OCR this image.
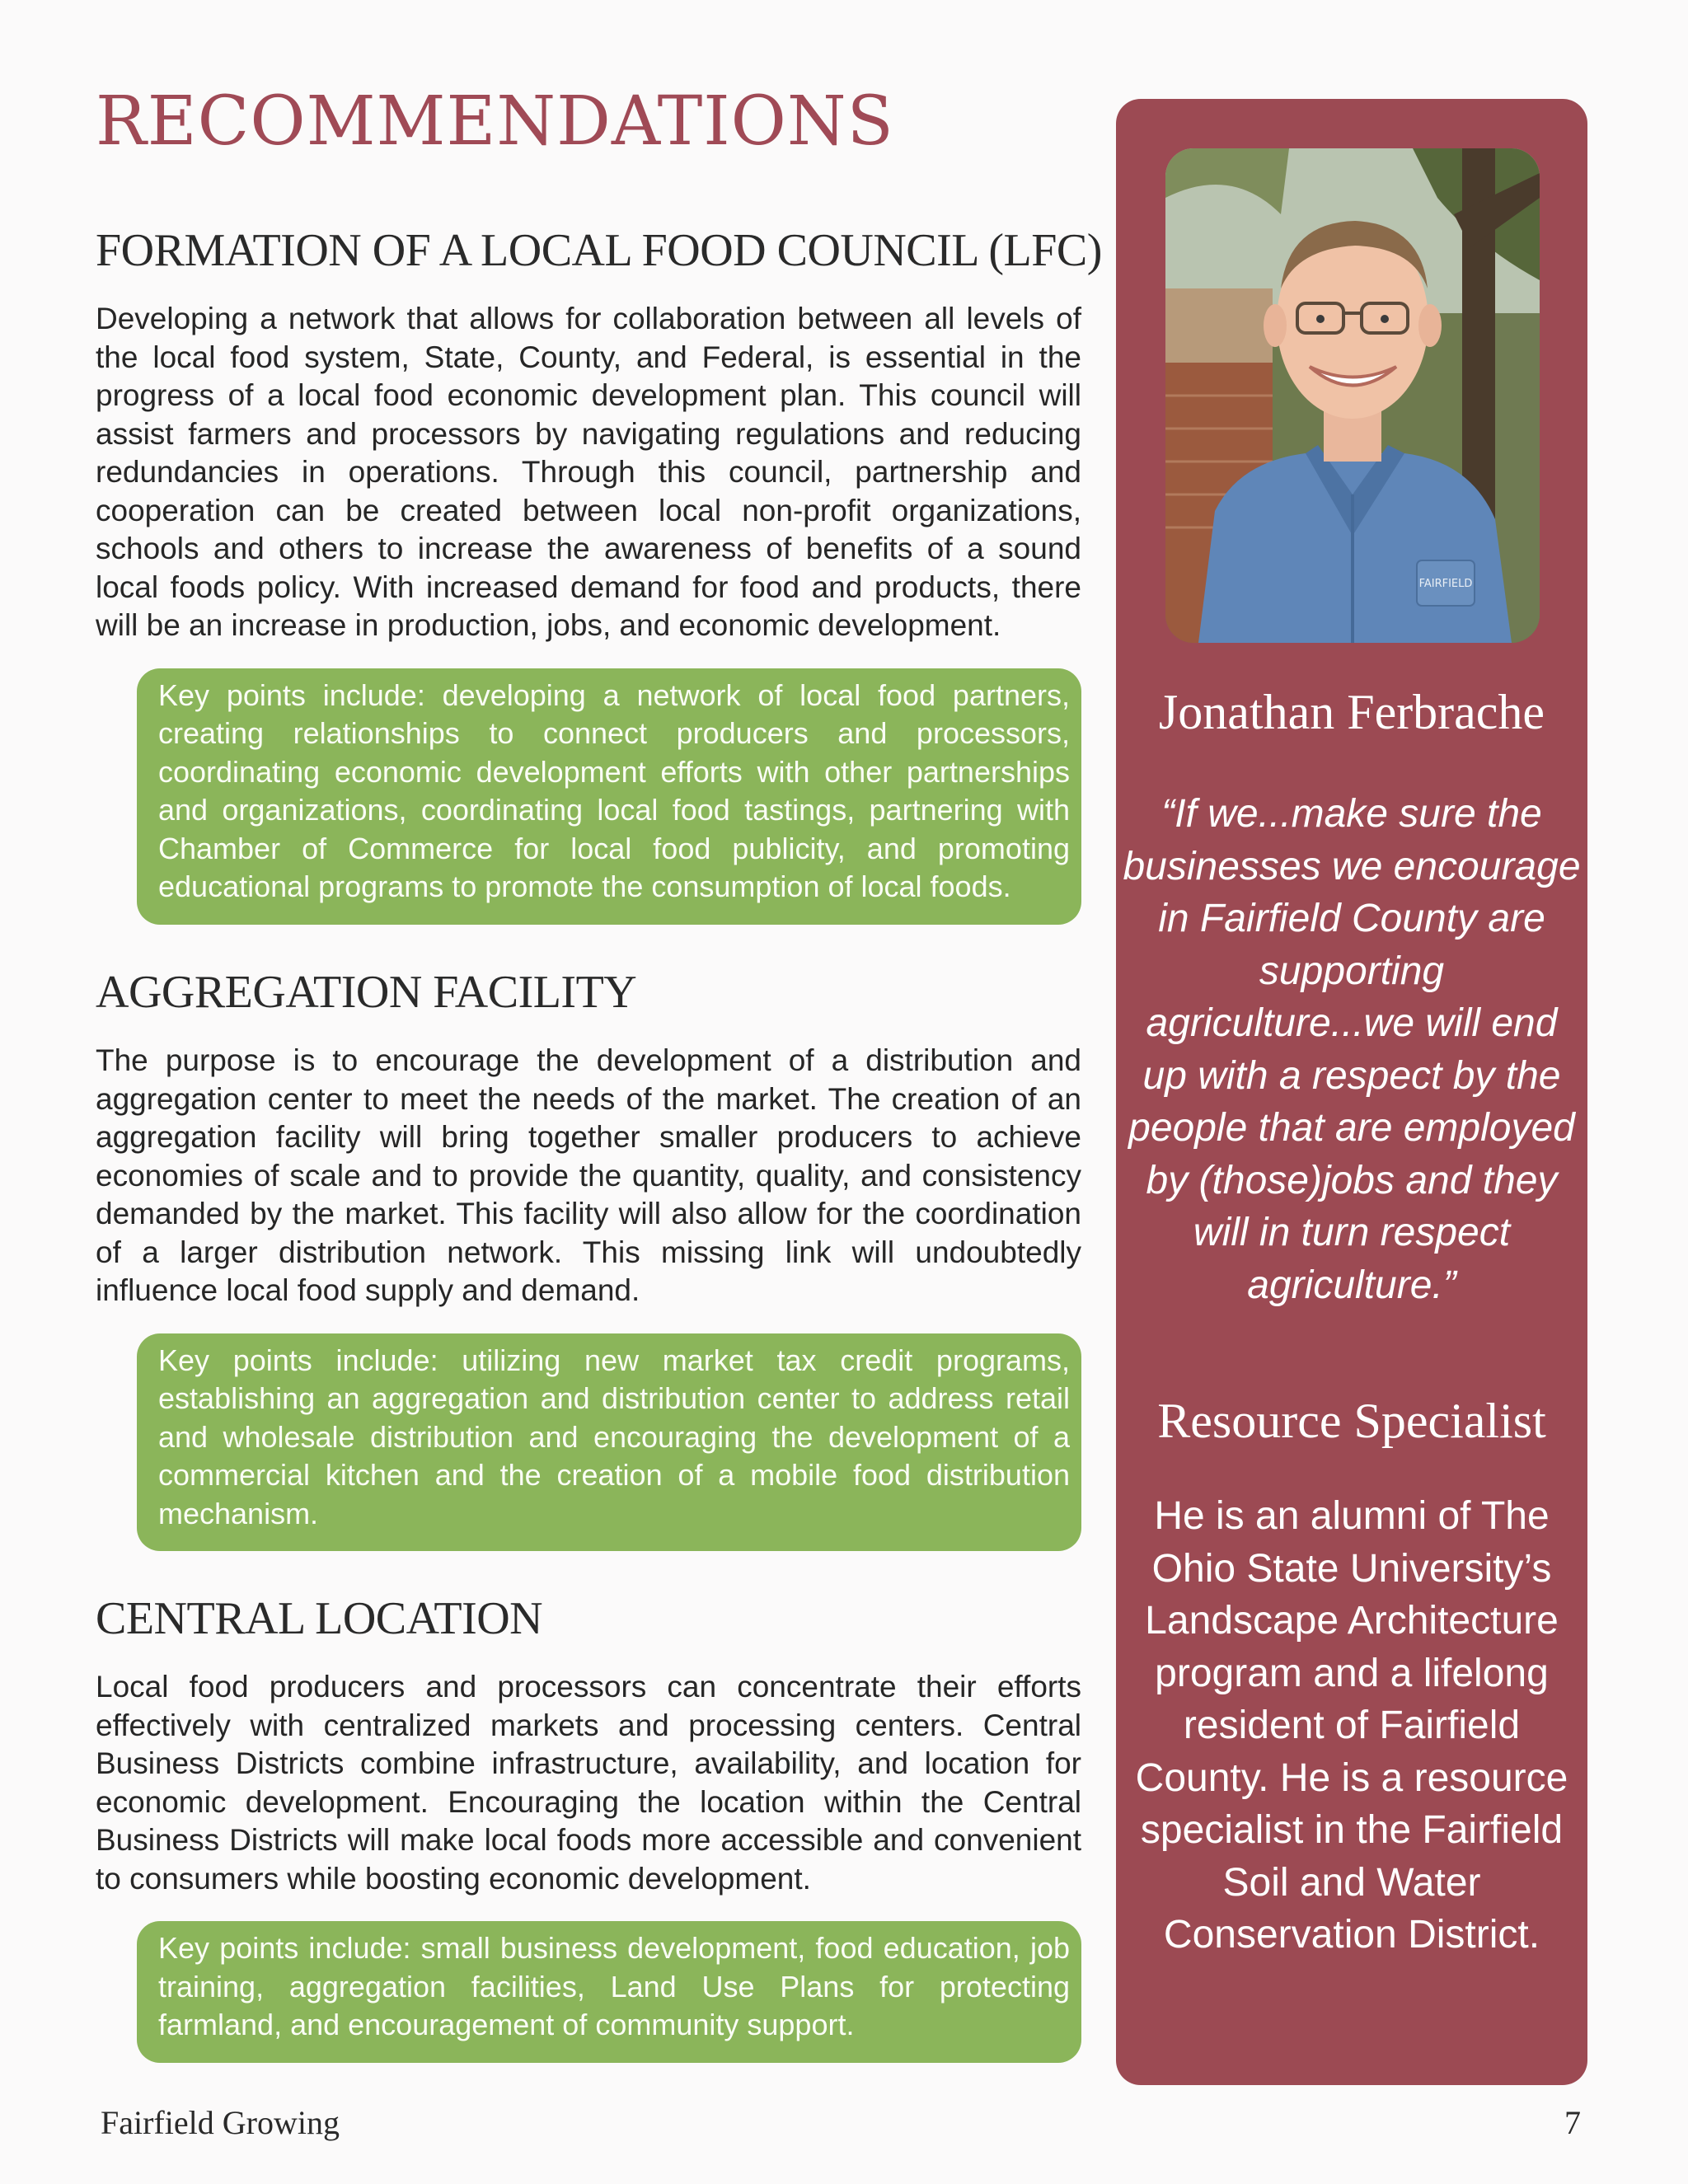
RECOMMENDATIONS
FORMATION OF A LOCAL FOOD COUNCIL (LFC)

Developing a network that allows for collaboration between all levels of the local food system, State, County, and Federal, is essential in the progress of a local food economic development plan. This council will assist farmers and processors by navigating regulations and reducing redundancies in operations. Through this council, partnership and cooperation can be created between local non-profit organizations, schools and others to increase the awareness of benefits of a sound local foods policy. With increased demand for food and products, there will be an increase in production, jobs, and economic development.

Key points include: developing a network of local food partners, creating relationships to connect producers and processors, coordinating economic development efforts with other partnerships and organizations, coordinating local food tastings, partnering with Chamber of Commerce for local food publicity, and promoting educational programs to promote the consumption of local foods.
AGGREGATION FACILITY

The purpose is to encourage the development of a distribution and aggregation center to meet the needs of the market. The creation of an aggregation facility will bring together smaller producers to achieve economies of scale and to provide the quantity, quality, and consistency demanded by the market. This facility will also allow for the coordination of a larger distribution network. This missing link will undoubtedly influence local food supply and demand.

Key points include: utilizing new market tax credit programs, establishing an aggregation and distribution center to address retail and wholesale distribution and encouraging the development of a commercial kitchen and the creation of a mobile food distribution mechanism.
CENTRAL LOCATION

Local food producers and processors can concentrate their efforts effectively with centralized markets and processing centers. Central Business Districts combine infrastructure, availability, and location for economic development. Encouraging the location within the Central Business Districts will make local foods more accessible and convenient to consumers while boosting economic development.

Key points include: small business development, food education, job training, aggregation facilities, Land Use Plans for protecting farmland, and encouragement of community support.
FAIRFIELD
Jonathan Ferbrache

“If we...make sure the businesses we encourage in Fairfield County are supporting agriculture...we will end up with a respect by the people that are employed by (those)jobs and they will in turn respect agriculture.”

Resource Specialist

He is an alumni of The Ohio State University’s Landscape Architecture program and a lifelong resident of Fairfield County. He is a resource specialist in the Fairfield Soil and Water Conservation District.

Fairfield Growing	7
